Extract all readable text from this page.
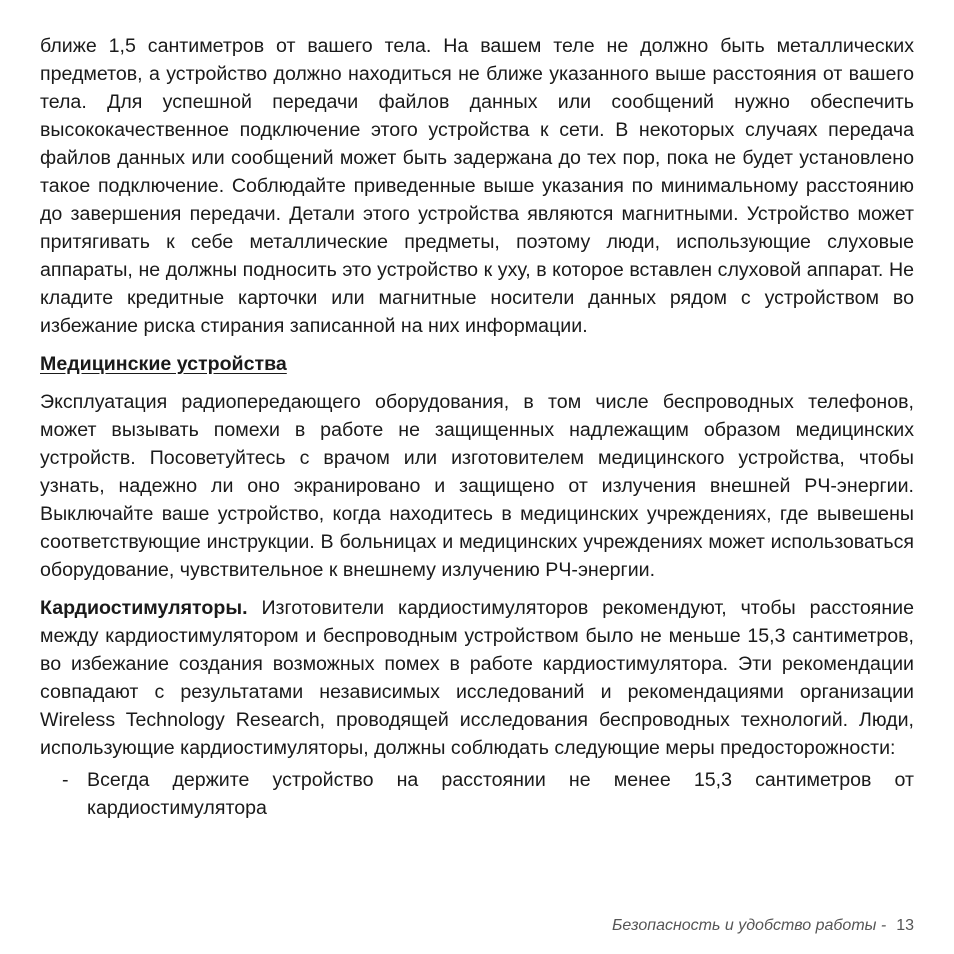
ближе 1,5 сантиметров от вашего тела. На вашем теле не должно быть металлических предметов, а устройство должно находиться не ближе указанного выше расстояния от вашего тела. Для успешной передачи файлов данных или сообщений нужно обеспечить высококачественное подключение этого устройства к сети. В некоторых случаях передача файлов данных или сообщений может быть задержана до тех пор, пока не будет установлено такое подключение. Соблюдайте приведенные выше указания по минимальному расстоянию до завершения передачи. Детали этого устройства являются магнитными. Устройство может притягивать к себе металлические предметы, поэтому люди, использующие слуховые аппараты, не должны подносить это устройство к уху, в которое вставлен слуховой аппарат. Не кладите кредитные карточки или магнитные носители данных рядом с устройством во избежание риска стирания записанной на них информации.

Медицинские устройства

Эксплуатация радиопередающего оборудования, в том числе беспроводных телефонов, может вызывать помехи в работе не защищенных надлежащим образом медицинских устройств. Посоветуйтесь с врачом или изготовителем медицинского устройства, чтобы узнать, надежно ли оно экранировано и защищено от излучения внешней РЧ-энергии. Выключайте ваше устройство, когда находитесь в медицинских учреждениях, где вывешены соответствующие инструкции. В больницах и медицинских учреждениях может использоваться оборудование, чувствительное к внешнему излучению РЧ-энергии.

Кардиостимуляторы. Изготовители кардиостимуляторов рекомендуют, чтобы расстояние между кардиостимулятором и беспроводным устройством было не меньше 15,3 сантиметров, во избежание создания возможных помех в работе кардиостимулятора. Эти рекомендации совпадают с результатами независимых исследований и рекомендациями организации Wireless Technology Research, проводящей исследования беспроводных технологий. Люди, использующие кардиостимуляторы, должны соблюдать следующие меры предосторожности:

- Всегда держите устройство на расстоянии не менее 15,3 сантиметров от кардиостимулятора
Безопасность и удобство работы - 13
